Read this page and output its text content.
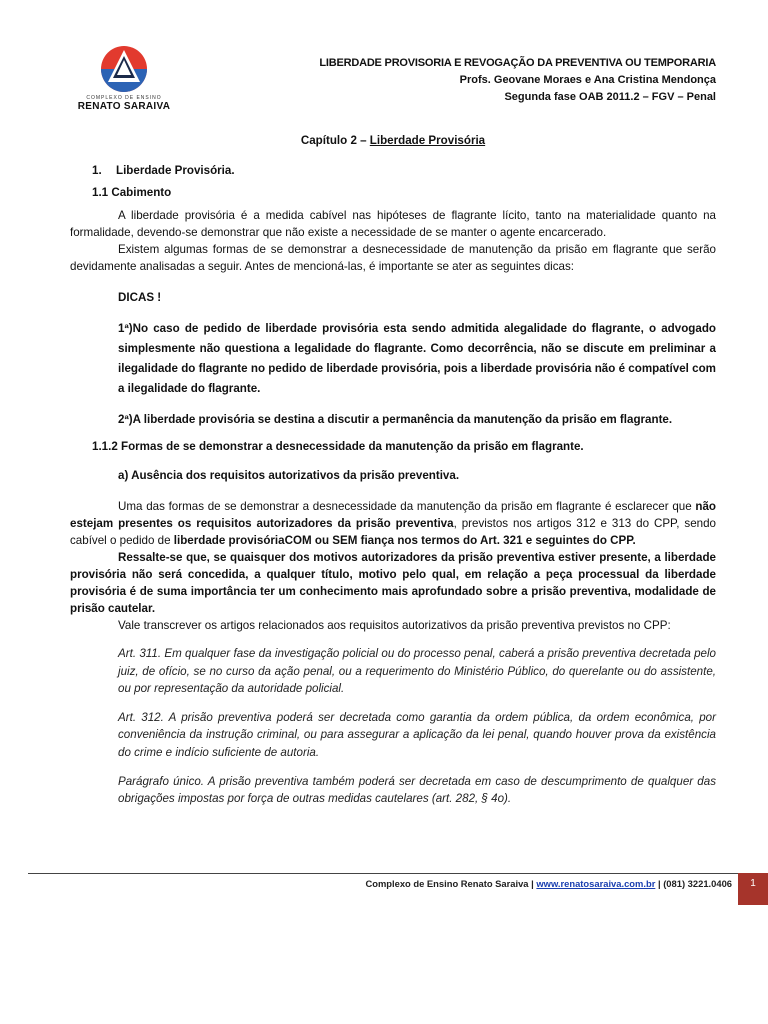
COMPLEXO DE ENSINO
RENATO SARAIVA
LIBERDADE PROVISORIA E REVOGAÇÃO DA PREVENTIVA OU TEMPORARIA
Profs. Geovane Moraes e Ana Cristina Mendonça
Segunda fase OAB 2011.2 – FGV – Penal
Capítulo 2 – Liberdade Provisória
1. Liberdade Provisória.
1.1 Cabimento

A liberdade provisória é a medida cabível nas hipóteses de flagrante lícito, tanto na materialidade quanto na formalidade, devendo-se demonstrar que não existe a necessidade de se manter o agente encarcerado.

Existem algumas formas de se demonstrar a desnecessidade de manutenção da prisão em flagrante que serão devidamente analisadas a seguir. Antes de mencioná-las, é importante se ater as seguintes dicas:

DICAS !

1ª)No caso de pedido de liberdade provisória esta sendo admitida alegalidade do flagrante, o advogado simplesmente não questiona a legalidade do flagrante. Como decorrência, não se discute em preliminar a ilegalidade do flagrante no pedido de liberdade provisória, pois a liberdade provisória não é compatível com a ilegalidade do flagrante.

2ª)A liberdade provisória se destina a discutir a permanência da manutenção da prisão em flagrante.
1.1.2 Formas de se demonstrar a desnecessidade da manutenção da prisão em flagrante.
a) Ausência dos requisitos autorizativos da prisão preventiva.

Uma das formas de se demonstrar a desnecessidade da manutenção da prisão em flagrante é esclarecer que não estejam presentes os requisitos autorizadores da prisão preventiva, previstos nos artigos 312 e 313 do CPP, sendo cabível o pedido de liberdade provisóriaCOM ou SEM fiança nos termos do Art. 321 e seguintes do CPP.

Ressalte-se que, se quaisquer dos motivos autorizadores da prisão preventiva estiver presente, a liberdade provisória não será concedida, a qualquer título, motivo pelo qual, em relação a peça processual da liberdade provisória é de suma importância ter um conhecimento mais aprofundado sobre a prisão preventiva, modalidade de prisão cautelar.

Vale transcrever os artigos relacionados aos requisitos autorizativos da prisão preventiva previstos no CPP:

Art. 311. Em qualquer fase da investigação policial ou do processo penal, caberá a prisão preventiva decretada pelo juiz, de ofício, se no curso da ação penal, ou a requerimento do Ministério Público, do querelante ou do assistente, ou por representação da autoridade policial.

Art. 312. A prisão preventiva poderá ser decretada como garantia da ordem pública, da ordem econômica, por conveniência da instrução criminal, ou para assegurar a aplicação da lei penal, quando houver prova da existência do crime e indício suficiente de autoria.

Parágrafo único. A prisão preventiva também poderá ser decretada em caso de descumprimento de qualquer das obrigações impostas por força de outras medidas cautelares (art. 282, § 4o).

Complexo de Ensino Renato Saraiva | www.renatosaraiva.com.br | (081) 3221.0406	1
